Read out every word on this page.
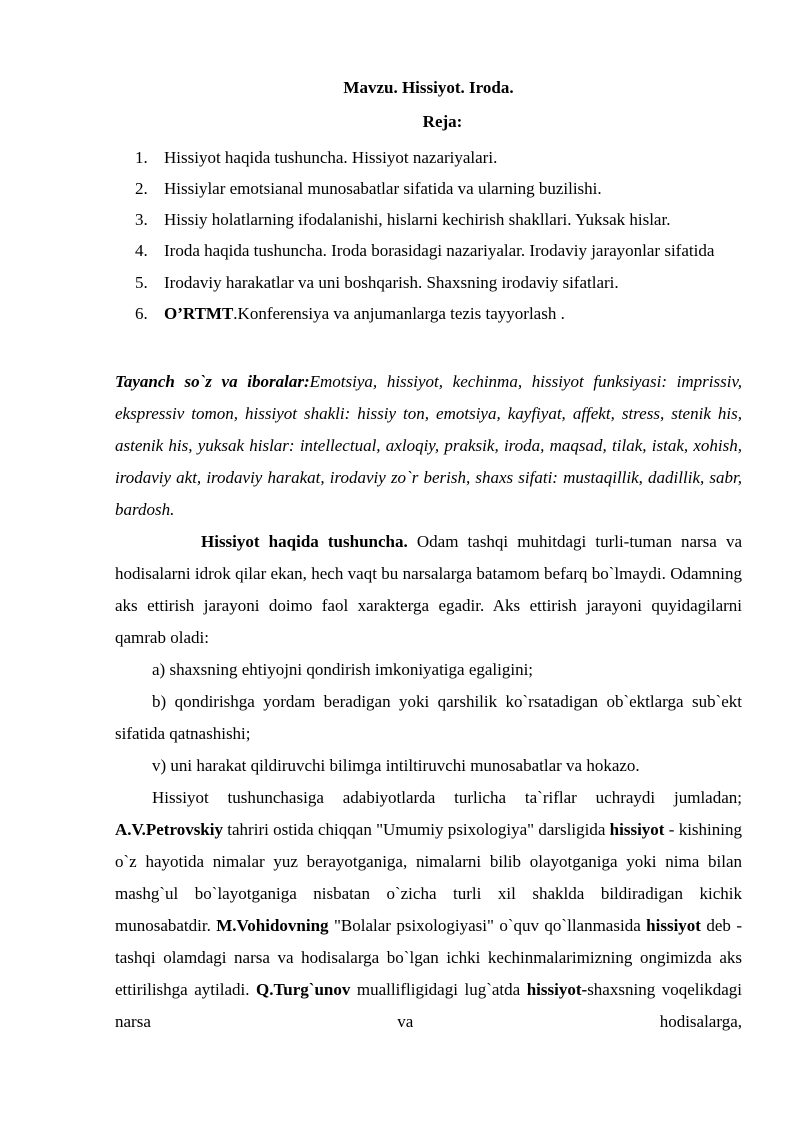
Mavzu. Hissiyot. Iroda.
Reja:
1. Hissiyot haqida tushuncha. Hissiyot nazariyalari.
2. Hissiylar emotsianal munosabatlar sifatida va ularning buzilishi.
3. Hissiy holatlarning ifodalanishi, hislarni kechirish shakllari. Yuksak hislar.
4. Iroda haqida tushuncha. Iroda borasidagi nazariyalar. Irodaviy jarayonlar sifatida
5. Irodaviy harakatlar va uni boshqarish. Shaxsning irodaviy sifatlari.
6. O’RTMT.Konferensiya va anjumanlarga tezis tayyorlash .

Tayanch so`z va iboralar:Emotsiya, hissiyot, kechinma, hissiyot funksiyasi: imprissiv, ekspressiv tomon, hissiyot shakli: hissiy ton, emotsiya, kayfiyat, affekt, stress, stenik his, astenik his, yuksak hislar: intellectual, axloqiy, praksik, iroda, maqsad, tilak, istak, xohish, irodaviy akt, irodaviy harakat, irodaviy zo`r berish, shaxs sifati: mustaqillik, dadillik, sabr, bardosh.

Hissiyot haqida tushuncha. Odam tashqi muhitdagi turli-tuman narsa va hodisalarni idrok qilar ekan, hech vaqt bu narsalarga batamom befarq bo`lmaydi. Odamning aks ettirish jarayoni doimo faol xarakterga egadir. Aks ettirish jarayoni quyidagilarni qamrab oladi:

a) shaxsning ehtiyojni qondirish imkoniyatiga egaligini;

b) qondirishga yordam beradigan yoki qarshilik ko`rsatadigan ob`ektlarga sub`ekt sifatida qatnashishi;

v) uni harakat qildiruvchi bilimga intiltiruvchi munosabatlar va hokazo.

Hissiyot tushunchasiga adabiyotlarda turlicha ta`riflar uchraydi jumladan; A.V.Petrovskiy tahriri ostida chiqqan "Umumiy psixologiya" darsligida hissiyot - kishining o`z hayotida nimalar yuz berayotganiga, nimalarni bilib olayotganiga yoki nima bilan mashg`ul bo`layotganiga nisbatan o`zicha turli xil shaklda bildiradigan kichik munosabatdir. M.Vohidovning "Bolalar psixologiyasi" o`quv qo`llanmasida hissiyot deb - tashqi olamdagi narsa va hodisalarga bo`lgan ichki kechinmalarimizning ongimizda aks ettirilishga aytiladi. Q.Turg`unov muallifligidagi lug`atda hissiyot-shaxsning voqelikdagi narsa va hodisalarga,
